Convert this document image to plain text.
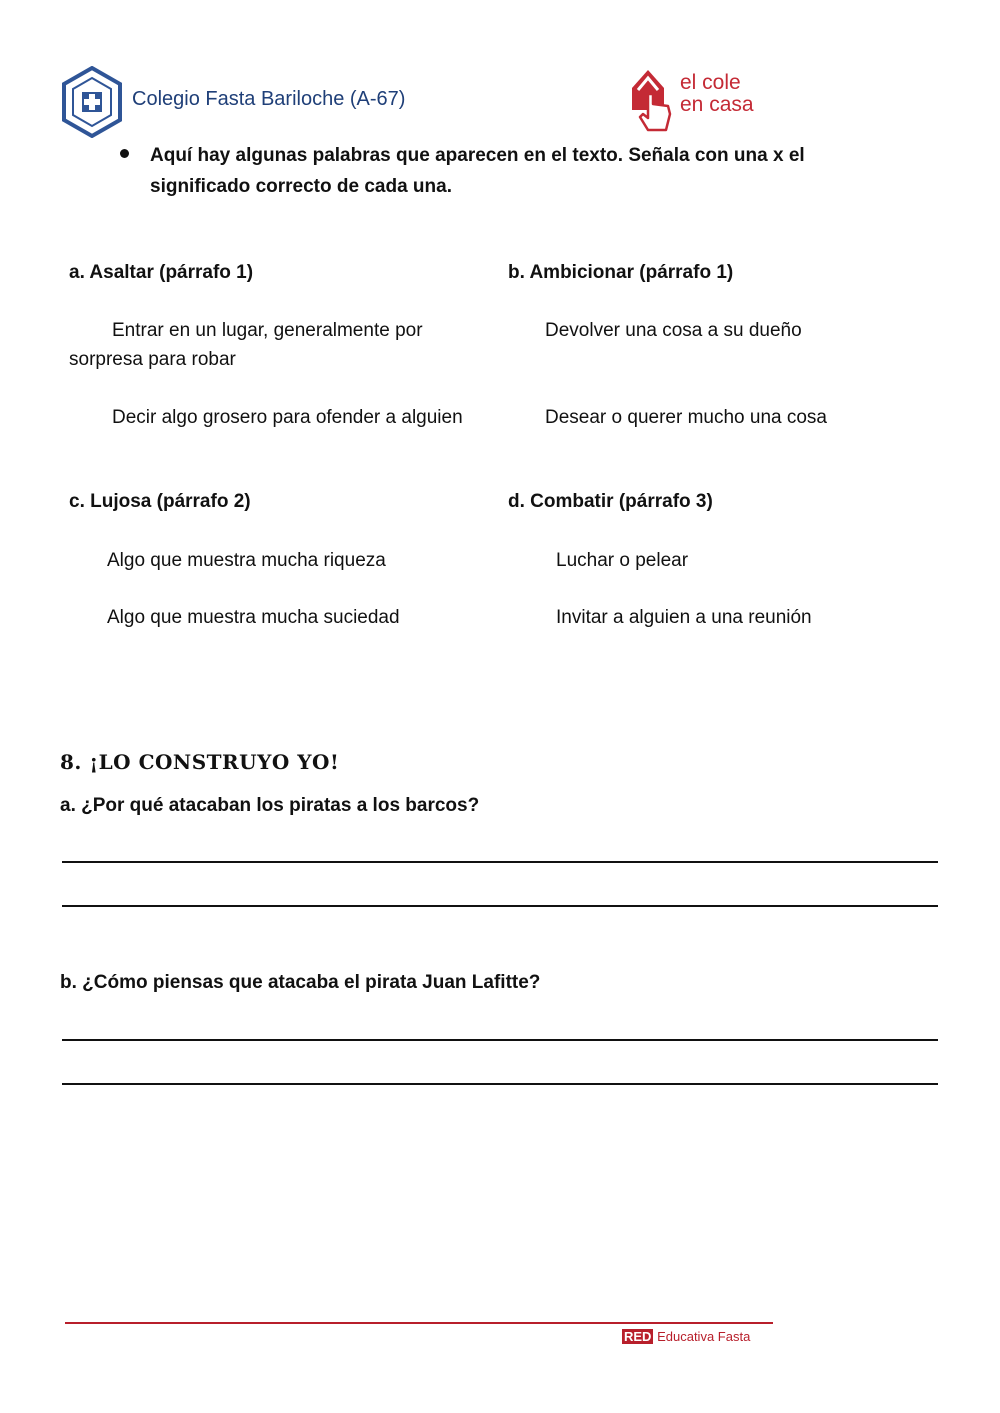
Colegio Fasta Bariloche (A-67)
el cole
en casa
Aquí hay algunas palabras que aparecen en el texto. Señala con una x el significado correcto de cada una.
a. Asaltar (párrafo 1)
Entrar en un lugar, generalmente por sorpresa para robar
Decir algo grosero para ofender a alguien
b. Ambicionar (párrafo 1)
Devolver una cosa a su dueño
Desear o querer mucho una cosa
c. Lujosa (párrafo 2)
Algo que muestra mucha riqueza
Algo que muestra mucha suciedad
d. Combatir (párrafo 3)
Luchar o pelear
Invitar a alguien a una reunión
8. ¡LO CONSTRUYO YO!
a. ¿Por qué atacaban los piratas a los barcos?
b. ¿Cómo piensas que atacaba el pirata Juan Lafitte?
RED Educativa Fasta
